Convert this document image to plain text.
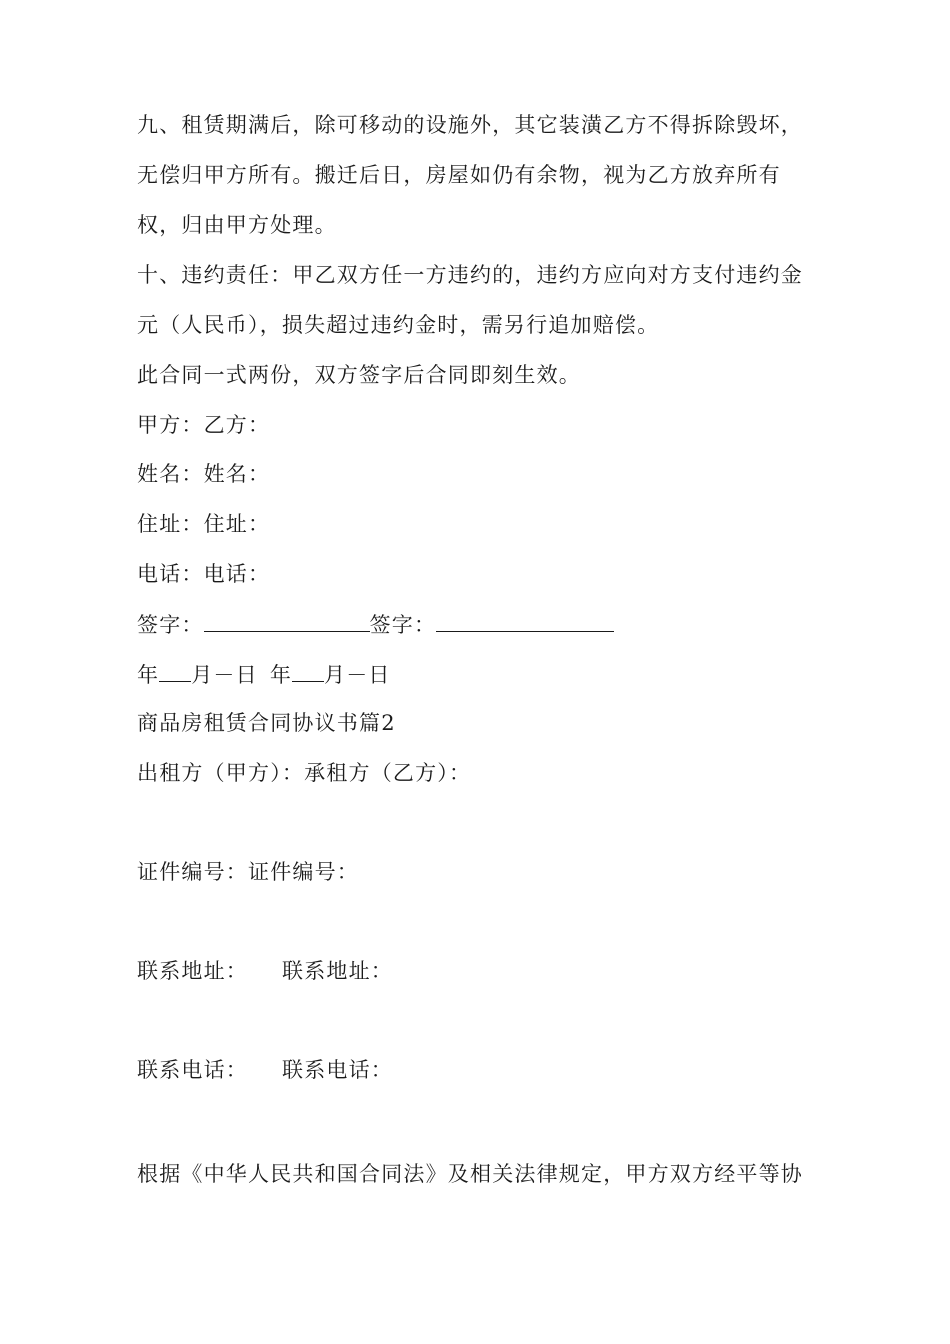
九、租赁期满后，除可移动的设施外，其它装潢乙方不得拆除毁坏，
无偿归甲方所有。搬迁后日，房屋如仍有余物，视为乙方放弃所有
权，归由甲方处理。
十、违约责任：甲乙双方任一方违约的，违约方应向对方支付违约金
元（人民币），损失超过违约金时，需另行追加赔偿。
此合同一式两份，双方签字后合同即刻生效。
甲方：乙方：
姓名：姓名：
住址：住址：
电话：电话：
签字：	签字：
年 月－日 年 月－日
商品房租赁合同协议书篇2
出租方（甲方）：承租方（乙方）：
证件编号：证件编号：
联系地址： 联系地址：
联系电话： 联系电话：
根据《中华人民共和国合同法》及相关法律规定，甲方双方经平等协
